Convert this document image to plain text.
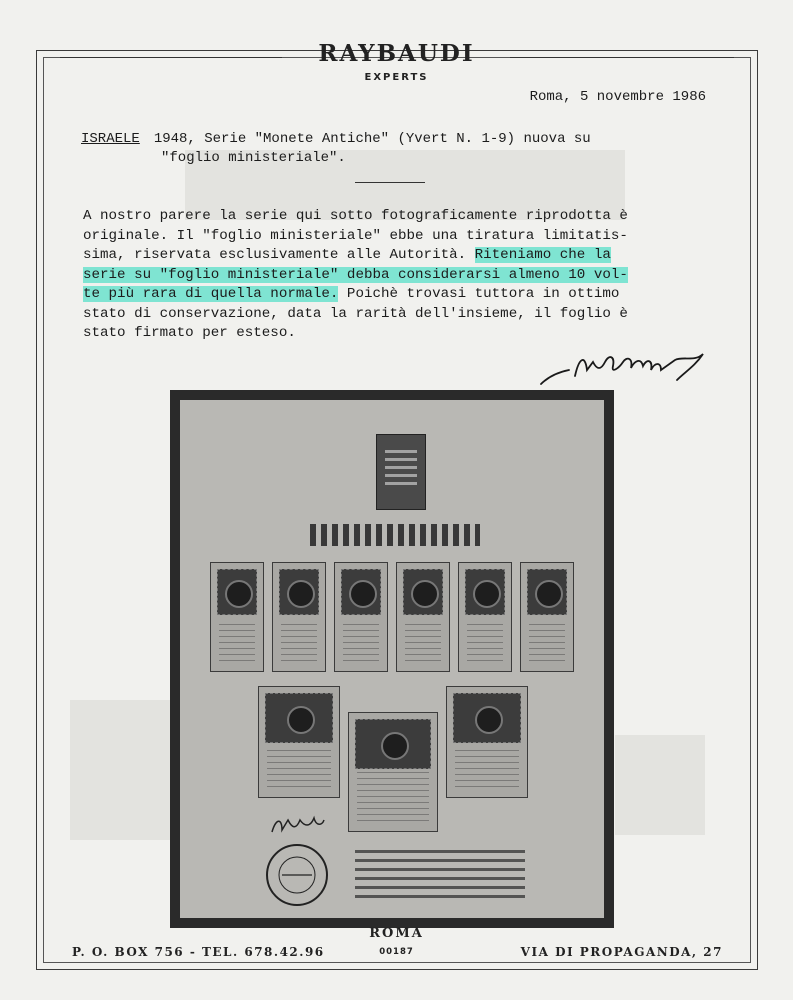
RAYBAUDI
EXPERTS
Roma, 5 novembre 1986
ISRAELE 1948, Serie "Monete Antiche" (Yvert N. 1-9) nuova su
"foglio ministeriale".
A nostro parere la serie qui sotto fotograficamente riprodotta è
originale. Il "foglio ministeriale" ebbe una tiratura limitatis-
sima, riservata esclusivamente alle Autorità. Riteniamo che la
serie su "foglio ministeriale" debba considerarsi almeno 10 vol-
te più rara di quella normale. Poichè trovasi tuttora in ottimo
stato di conservazione, data la rarità dell'insieme, il foglio è
stato firmato per esteso.
ROMA
00187
P. O. BOX 756 - TEL. 678.42.96	VIA DI PROPAGANDA, 27
